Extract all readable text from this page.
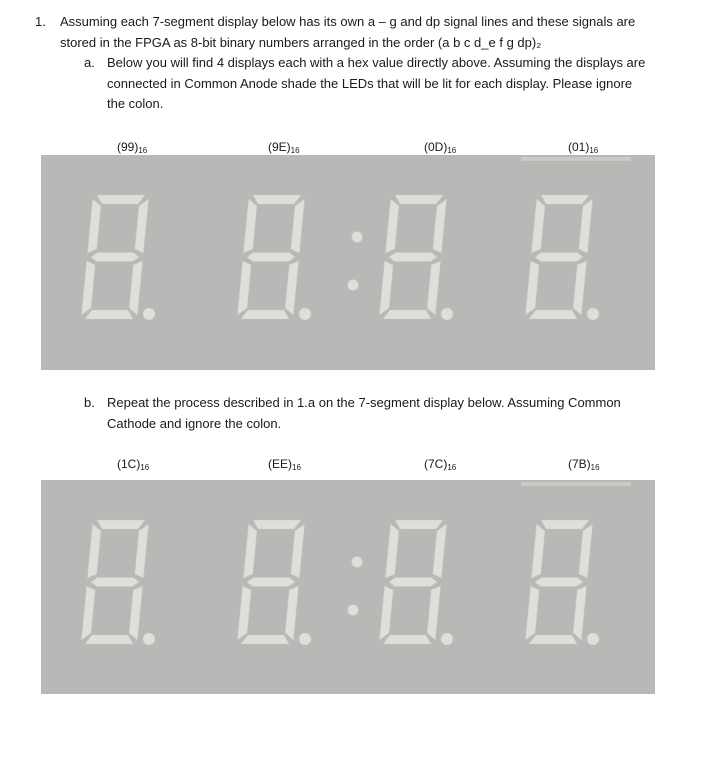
1. Assuming each 7-segment display below has its own a – g and dp signal lines and these signals are stored in the FPGA as 8-bit binary numbers arranged in the order (a b c d_e f g dp)₂

a. Below you will find 4 displays each with a hex value directly above. Assuming the displays are connected in Common Anode shade the LEDs that will be lit for each display. Please ignore the colon.

$(99)_{16}$	$(9E)_{16}$	$(0D)_{16}$	$(01)_{16}$
b. Repeat the process described in 1.a on the 7-segment display below. Assuming Common Cathode and ignore the colon.

$(1C)_{16}$	$(EE)_{16}$	$(7C)_{16}$	$(7B)_{16}$
